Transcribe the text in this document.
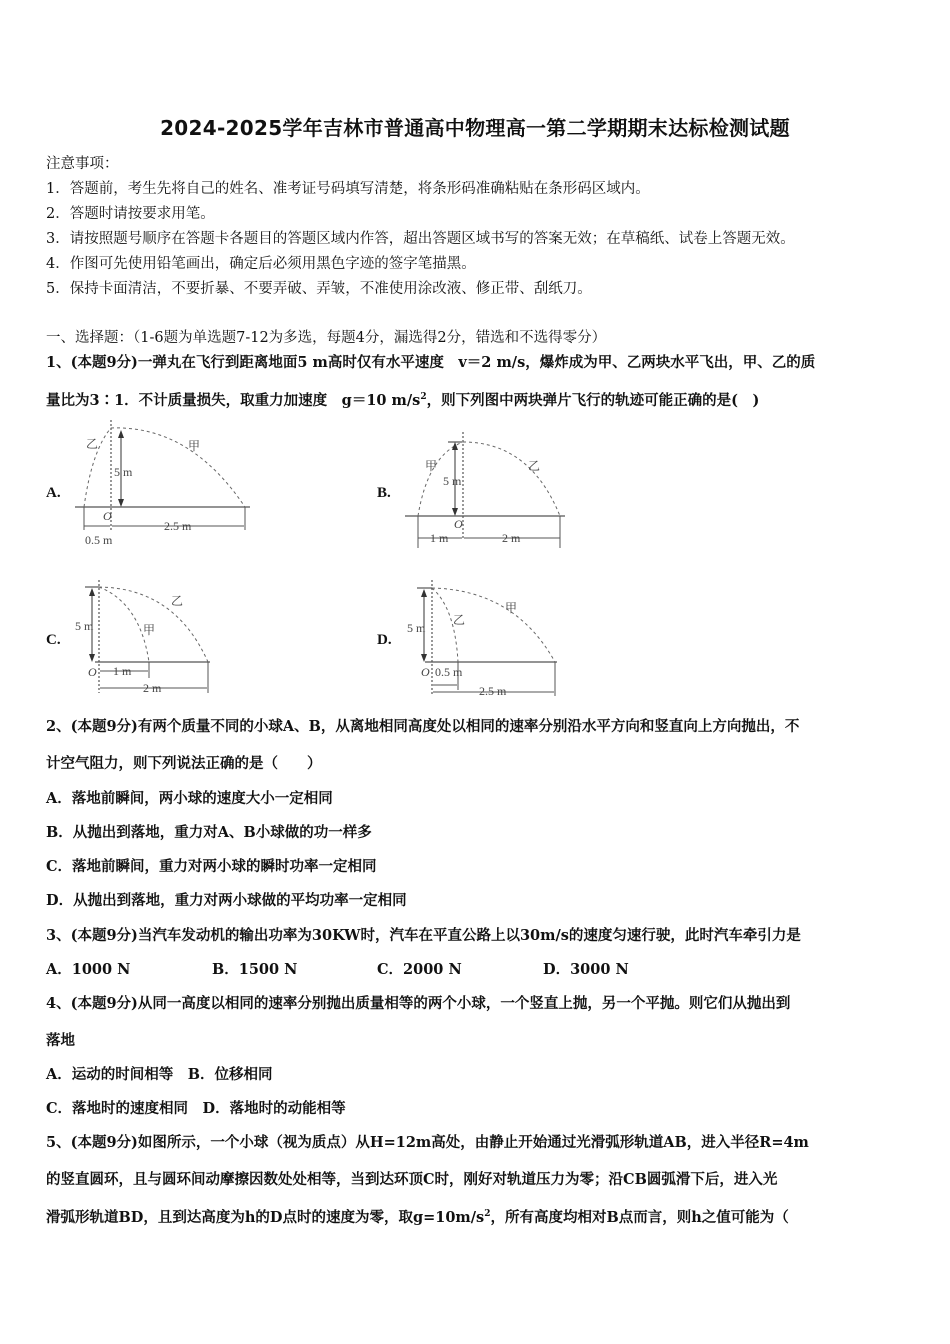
2024-2025学年吉林市普通高中物理高一第二学期期末达标检测试题
注意事项：
1．答题前，考生先将自己的姓名、准考证号码填写清楚，将条形码准确粘贴在条形码区域内。
2．答题时请按要求用笔。
3．请按照题号顺序在答题卡各题目的答题区域内作答，超出答题区域书写的答案无效；在草稿纸、试卷上答题无效。
4．作图可先使用铅笔画出，确定后必须用黑色字迹的签字笔描黑。
5．保持卡面清洁，不要折暴、不要弄破、弄皱，不准使用涂改液、修正带、刮纸刀。
一、选择题：（1-6题为单选题7-12为多选，每题4分，漏选得2分，错选和不选得零分）
1、(本题9分)一弹丸在飞行到距离地面5 m高时仅有水平速度　v＝2 m/s，爆炸成为甲、乙两块水平飞出，甲、乙的质
量比为3∶1．不计质量损失，取重力加速度　g＝10 $m/s^2$，则下列图中两块弹片飞行的轨迹可能正确的是(　)
A.
5 m
O
0.5 m
2.5 m
乙	甲
B.
5 m
O
1 m	2 m
甲	乙
C.
5 m
O 1 m
2 m
甲
乙
D.
5 m
O 0.5 m
2.5 m
乙
甲
2、(本题9分)有两个质量不同的小球A、B，从离地相同高度处以相同的速率分别沿水平方向和竖直向上方向抛出，不
计空气阻力，则下列说法正确的是（　　）
A．落地前瞬间，两小球的速度大小一定相同
B．从抛出到落地，重力对A、B小球做的功一样多
C．落地前瞬间，重力对两小球的瞬时功率一定相同
D．从抛出到落地，重力对两小球做的平均功率一定相同
3、(本题9分)当汽车发动机的输出功率为30KW时，汽车在平直公路上以30m/s的速度匀速行驶，此时汽车牵引力是
A．1000 N	B．1500 N	C．2000 N	D．3000 N
4、(本题9分)从同一高度以相同的速率分别抛出质量相等的两个小球，一个竖直上抛，另一个平抛。则它们从抛出到
落地
A．运动的时间相等　B．位移相同
C．落地时的速度相同　D．落地时的动能相等
5、(本题9分)如图所示，一个小球（视为质点）从H=12m高处，由静止开始通过光滑弧形轨道AB，进入半径R=4m
的竖直圆环，且与圆环间动摩擦因数处处相等，当到达环顶C时，刚好对轨道压力为零；沿CB圆弧滑下后，进入光
滑弧形轨道BD，且到达高度为h的D点时的速度为零，取$g=10m/s^2$，所有高度均相对B点而言，则h之值可能为（
